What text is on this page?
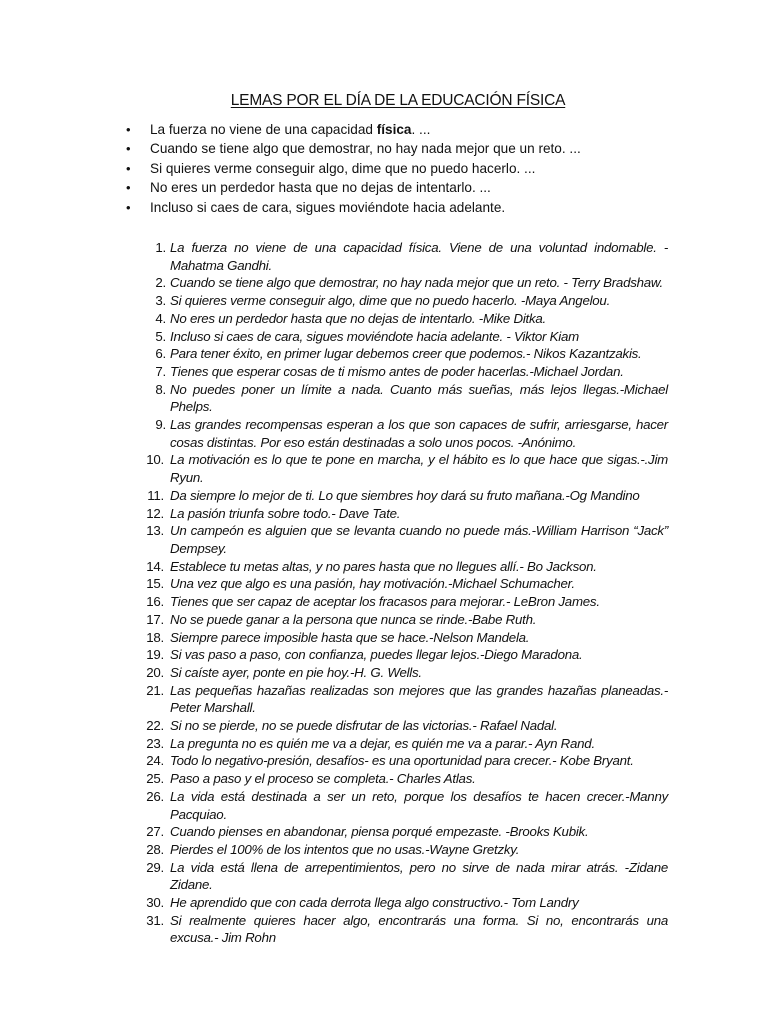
LEMAS POR EL DÍA DE LA EDUCACIÓN FÍSICA
• La fuerza no viene de una capacidad física. ...
• Cuando se tiene algo que demostrar, no hay nada mejor que un reto. ...
• Si quieres verme conseguir algo, dime que no puedo hacerlo. ...
• No eres un perdedor hasta que no dejas de intentarlo. ...
• Incluso si caes de cara, sigues moviéndote hacia adelante.
1. La fuerza no viene de una capacidad física. Viene de una voluntad indomable. -Mahatma Gandhi.
2. Cuando se tiene algo que demostrar, no hay nada mejor que un reto. - Terry Bradshaw.
3. Si quieres verme conseguir algo, dime que no puedo hacerlo. -Maya Angelou.
4. No eres un perdedor hasta que no dejas de intentarlo. -Mike Ditka.
5. Incluso si caes de cara, sigues moviéndote hacia adelante. - Viktor Kiam
6. Para tener éxito, en primer lugar debemos creer que podemos.- Nikos Kazantzakis.
7. Tienes que esperar cosas de ti mismo antes de poder hacerlas.-Michael Jordan.
8. No puedes poner un límite a nada. Cuanto más sueñas, más lejos llegas.-Michael Phelps.
9. Las grandes recompensas esperan a los que son capaces de sufrir, arriesgarse, hacer cosas distintas. Por eso están destinadas a solo unos pocos. -Anónimo.
10. La motivación es lo que te pone en marcha, y el hábito es lo que hace que sigas.-.Jim Ryun.
11. Da siempre lo mejor de ti. Lo que siembres hoy dará su fruto mañana.-Og Mandino
12. La pasión triunfa sobre todo.- Dave Tate.
13. Un campeón es alguien que se levanta cuando no puede más.-William Harrison “Jack” Dempsey.
14. Establece tu metas altas, y no pares hasta que no llegues allí.- Bo Jackson.
15. Una vez que algo es una pasión, hay motivación.-Michael Schumacher.
16. Tienes que ser capaz de aceptar los fracasos para mejorar.- LeBron James.
17. No se puede ganar a la persona que nunca se rinde.-Babe Ruth.
18. Siempre parece imposible hasta que se hace.-Nelson Mandela.
19. Si vas paso a paso, con confianza, puedes llegar lejos.-Diego Maradona.
20. Si caíste ayer, ponte en pie hoy.-H. G. Wells.
21. Las pequeñas hazañas realizadas son mejores que las grandes hazañas planeadas.- Peter Marshall.
22. Si no se pierde, no se puede disfrutar de las victorias.- Rafael Nadal.
23. La pregunta no es quién me va a dejar, es quién me va a parar.- Ayn Rand.
24. Todo lo negativo-presión, desafíos- es una oportunidad para crecer.- Kobe Bryant.
25. Paso a paso y el proceso se completa.- Charles Atlas.
26. La vida está destinada a ser un reto, porque los desafíos te hacen crecer.-Manny Pacquiao.
27. Cuando pienses en abandonar, piensa porqué empezaste. -Brooks Kubik.
28. Pierdes el 100% de los intentos que no usas.-Wayne Gretzky.
29. La vida está llena de arrepentimientos, pero no sirve de nada mirar atrás. -Zidane Zidane.
30. He aprendido que con cada derrota llega algo constructivo.- Tom Landry
31. Si realmente quieres hacer algo, encontrarás una forma. Si no, encontrarás una excusa.- Jim Rohn
